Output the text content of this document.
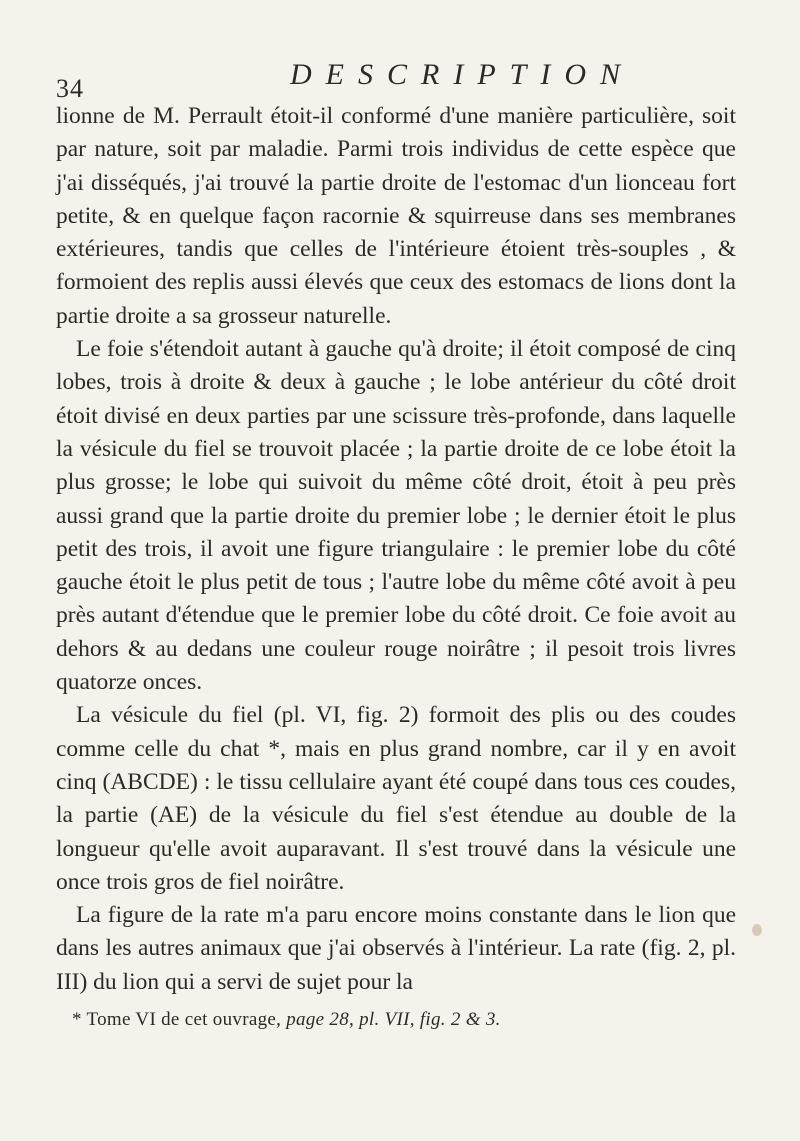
34	DESCRIPTION

lionne de M. Perrault étoit-il conformé d'une manière particulière, soit par nature, soit par maladie. Parmi trois individus de cette espèce que j'ai disséqués, j'ai trouvé la partie droite de l'estomac d'un lionceau fort petite, & en quelque façon racornie & squirreuse dans ses membranes extérieures, tandis que celles de l'intérieure étoient très-souples , & formoient des replis aussi élevés que ceux des estomacs de lions dont la partie droite a sa grosseur naturelle.

Le foie s'étendoit autant à gauche qu'à droite; il étoit composé de cinq lobes, trois à droite & deux à gauche ; le lobe antérieur du côté droit étoit divisé en deux parties par une scissure très-profonde, dans laquelle la vésicule du fiel se trouvoit placée ; la partie droite de ce lobe étoit la plus grosse; le lobe qui suivoit du même côté droit, étoit à peu près aussi grand que la partie droite du premier lobe ; le dernier étoit le plus petit des trois, il avoit une figure triangulaire : le premier lobe du côté gauche étoit le plus petit de tous ; l'autre lobe du même côté avoit à peu près autant d'étendue que le premier lobe du côté droit. Ce foie avoit au dehors & au dedans une couleur rouge noirâtre ; il pesoit trois livres quatorze onces.

La vésicule du fiel (pl. VI, fig. 2) formoit des plis ou des coudes comme celle du chat *, mais en plus grand nombre, car il y en avoit cinq (ABCDE) : le tissu cellulaire ayant été coupé dans tous ces coudes, la partie (AE) de la vésicule du fiel s'est étendue au double de la longueur qu'elle avoit auparavant. Il s'est trouvé dans la vésicule une once trois gros de fiel noirâtre.

La figure de la rate m'a paru encore moins constante dans le lion que dans les autres animaux que j'ai observés à l'intérieur. La rate (fig. 2, pl. III) du lion qui a servi de sujet pour la

* Tome VI de cet ouvrage, page 28, pl. VII, fig. 2 & 3.
